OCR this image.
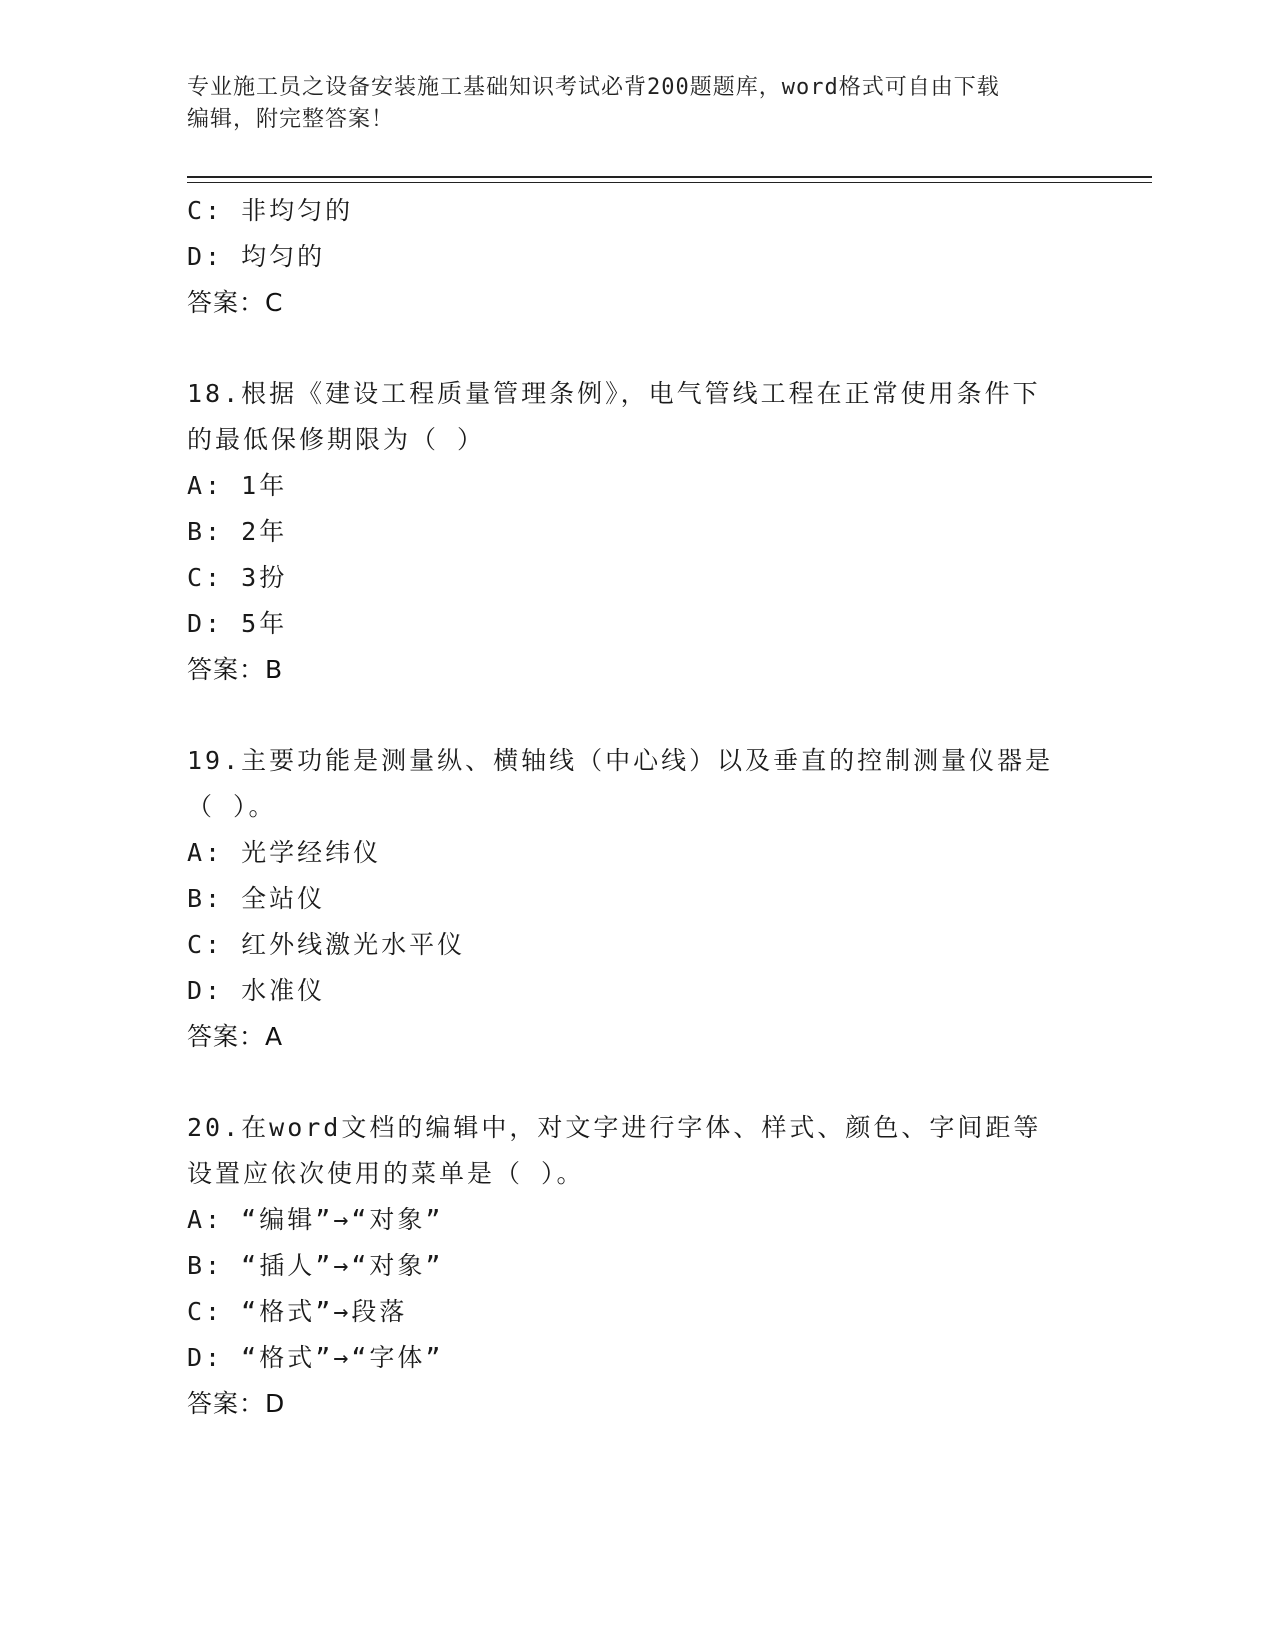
专业施工员之设备安装施工基础知识考试必背200题题库，word格式可自由下载
编辑，附完整答案！
C: 非均匀的
D: 均匀的
答案：C
18.根据《建设工程质量管理条例》，电气管线工程在正常使用条件下
的最低保修期限为（ ）
A: 1年
B: 2年
C: 3扮
D: 5年
答案：B
19.主要功能是测量纵、横轴线（中心线）以及垂直的控制测量仪器是
（ ）。
A: 光学经纬仪
B: 全站仪
C: 红外线激光水平仪
D: 水准仪
答案：A
20.在word文档的编辑中，对文字进行字体、样式、颜色、字间距等
设置应依次使用的菜单是（ ）。
A: “编辑”→“对象”
B: “插人”→“对象”
C: “格式”→段落
D: “格式”→“字体”
答案：D
